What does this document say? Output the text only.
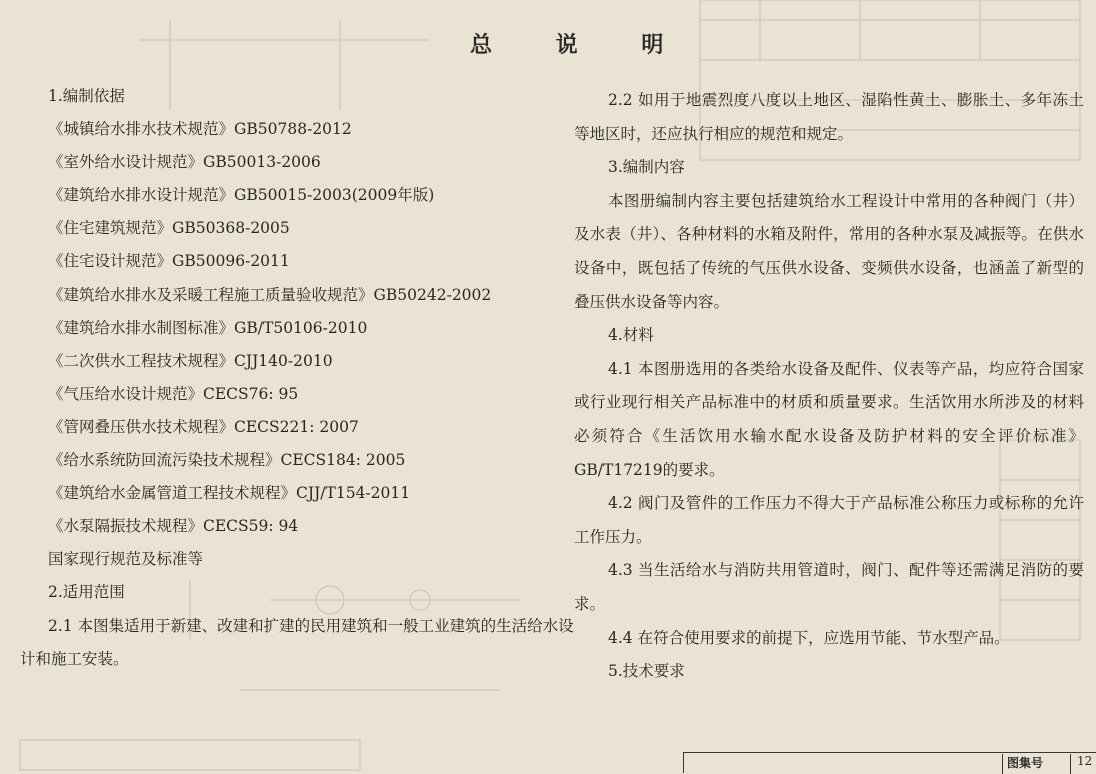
总 说 明
1.编制依据
《城镇给水排水技术规范》GB50788-2012
《室外给水设计规范》GB50013-2006
《建筑给水排水设计规范》GB50015-2003(2009年版)
《住宅建筑规范》GB50368-2005
《住宅设计规范》GB50096-2011
《建筑给水排水及采暖工程施工质量验收规范》GB50242-2002
《建筑给水排水制图标准》GB/T50106-2010
《二次供水工程技术规程》CJJ140-2010
《气压给水设计规范》CECS76: 95
《管网叠压供水技术规程》CECS221: 2007
《给水系统防回流污染技术规程》CECS184: 2005
《建筑给水金属管道工程技术规程》CJJ/T154-2011
《水泵隔振技术规程》CECS59: 94
国家现行规范及标准等
2.适用范围
2.1 本图集适用于新建、改建和扩建的民用建筑和一般工业建筑的生活给水设计和施工安装。
2.2 如用于地震烈度八度以上地区、湿陷性黄土、膨胀土、多年冻土等地区时，还应执行相应的规范和规定。
3.编制内容
本图册编制内容主要包括建筑给水工程设计中常用的各种阀门（井）及水表（井）、各种材料的水箱及附件，常用的各种水泵及减振等。在供水设备中，既包括了传统的气压供水设备、变频供水设备，也涵盖了新型的叠压供水设备等内容。
4.材料
4.1 本图册选用的各类给水设备及配件、仪表等产品，均应符合国家或行业现行相关产品标准中的材质和质量要求。生活饮用水所涉及的材料必须符合《生活饮用水输水配水设备及防护材料的安全评价标准》GB/T17219的要求。
4.2 阀门及管件的工作压力不得大于产品标准公称压力或标称的允许工作压力。
4.3 当生活给水与消防共用管道时，阀门、配件等还需满足消防的要求。
4.4 在符合使用要求的前提下，应选用节能、节水型产品。
5.技术要求
图集号	12
